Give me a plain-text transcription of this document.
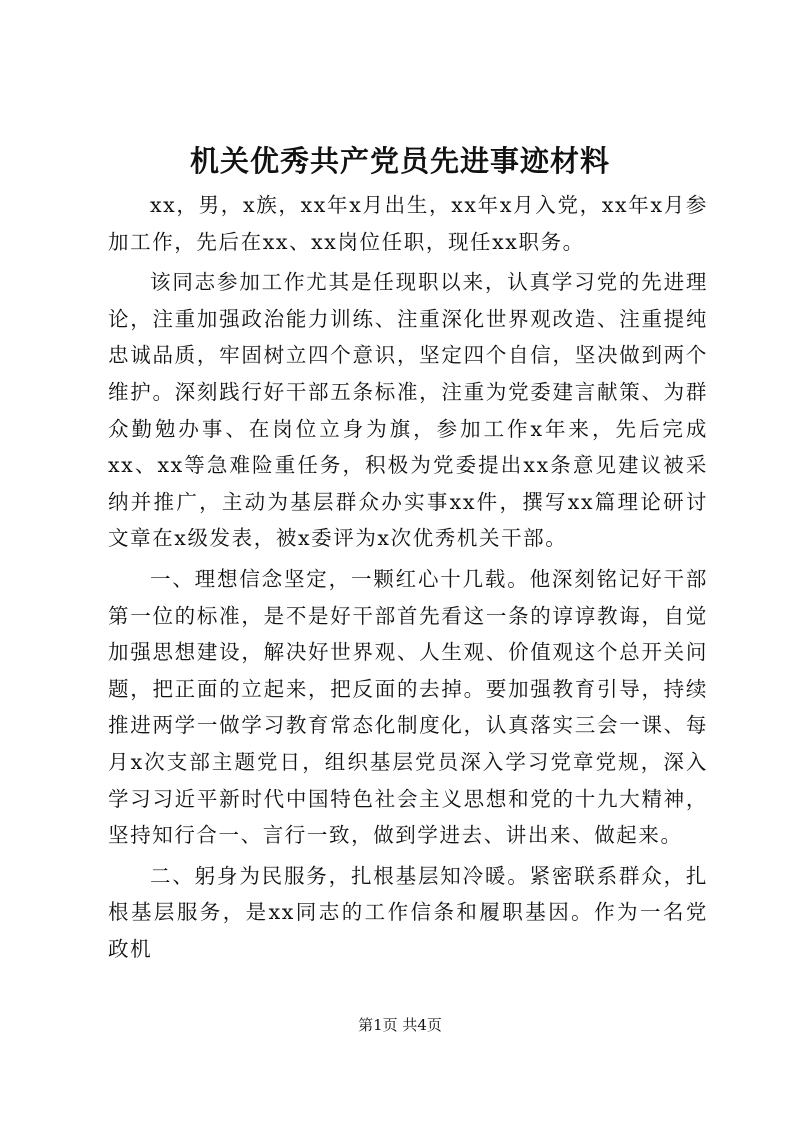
机关优秀共产党员先进事迹材料

xx，男，x族，xx年x月出生，xx年x月入党，xx年x月参加工作，先后在xx、xx岗位任职，现任xx职务。

该同志参加工作尤其是任现职以来，认真学习党的先进理论，注重加强政治能力训练、注重深化世界观改造、注重提纯忠诚品质，牢固树立四个意识，坚定四个自信，坚决做到两个维护。深刻践行好干部五条标准，注重为党委建言献策、为群众勤勉办事、在岗位立身为旗，参加工作x年来，先后完成xx、xx等急难险重任务，积极为党委提出xx条意见建议被采纳并推广，主动为基层群众办实事xx件，撰写xx篇理论研讨文章在x级发表，被x委评为x次优秀机关干部。

一、理想信念坚定，一颗红心十几载。他深刻铭记好干部第一位的标准，是不是好干部首先看这一条的谆谆教诲，自觉加强思想建设，解决好世界观、人生观、价值观这个总开关问题，把正面的立起来，把反面的去掉。要加强教育引导，持续推进两学一做学习教育常态化制度化，认真落实三会一课、每月x次支部主题党日，组织基层党员深入学习党章党规，深入学习习近平新时代中国特色社会主义思想和党的十九大精神，坚持知行合一、言行一致，做到学进去、讲出来、做起来。

二、躬身为民服务，扎根基层知冷暖。紧密联系群众，扎根基层服务，是xx同志的工作信条和履职基因。作为一名党政机

第1页 共4页
